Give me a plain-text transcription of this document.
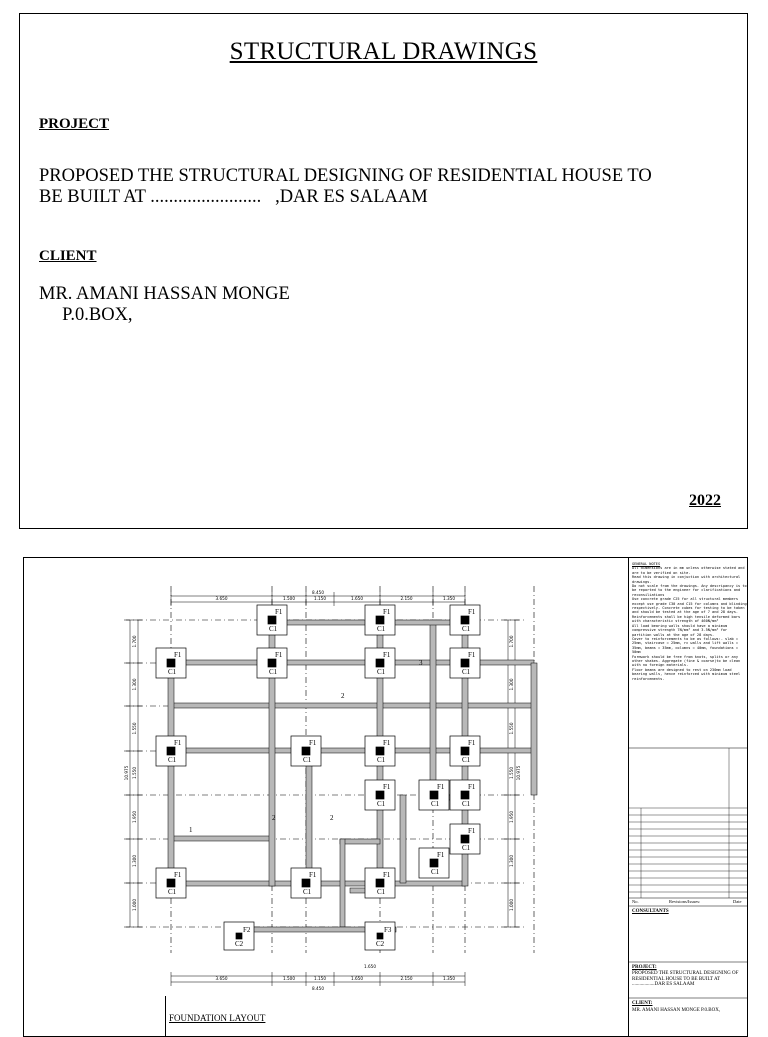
STRUCTURAL DRAWINGS
PROJECT
PROPOSED THE STRUCTURAL DESIGNING OF RESIDENTIAL HOUSE TO
BE BUILT AT ........................   ,DAR ES SALAAM
CLIENT
MR. AMANI HASSAN MONGE
P.0.BOX,
2022
F1
C1
F1
C1
F1
C1
F1
C1
F1
C1
F1
C1
F1
C1
F1
C1
F1
C1
F1
C1
F1
C1
F1
C1
F1
C1
F1
C1
F1
C1
F1
C1
F1
C1
F1
C1
F1
C1
F2
C2
F3
C2
1
2	2
2
3
3.650
3.650
1.500
1.500
1.150
1.150
1.650
1.650
2.150
2.150
1.350
1.350
8.450
8.450
1.650
1.700	1.700
1.300	1.300
1.550	1.550
1.550	1.550
1.950	1.950
1.300	1.300
1.000	1.000
10.975	10.975
FOUNDATION LAYOUT
GENERAL NOTES
All dimensions are in mm unless otherwise stated and are to be verified on site.
Read this drawing in conjuction with architectural drawings.
Do not scale from the drawings. Any descripancy is to be reported to the engineer for clarifications and reconsiliations
Use concrete grade C25 for all structural members except use grade C30 and C15 for columns and blinding respectively. Concrete cubes for testing to be taken and should be tested at the age of 7 and 28 days.
Reinforcements shall be high tensile deformed bars with characteristic strength of 460N/mm²
All load bearing walls should have a minimum compressive strength 7N/mm² and 3.5N/mm² for partition walls at the age of 28 days.
Cover to reinforcements to be as follows:- slab = 25mm, staircase = 25mm, rc walls and lift walls = 35mm, beams = 35mm, columns = 40mm, foundations = 50mm
Formwork should be free from knots, splits or any other shakes. Aggregate (fine & coarse)to be clean with no foreign materials.
Floor beams are designed to rest on 230mm load bearing walls, hence reinforced with minimum steel reinforcements.
No.	Revisions/Issues:	Date
CONSULTANTS
PROJECT:
PROPOSED THE STRUCTURAL DESIGNING OF RESIDENTIAL HOUSE TO BE BUILT AT ..................DAR ES SALAAM
CLIENT:
MR. AMANI HASSAN MONGE P.0.BOX,
